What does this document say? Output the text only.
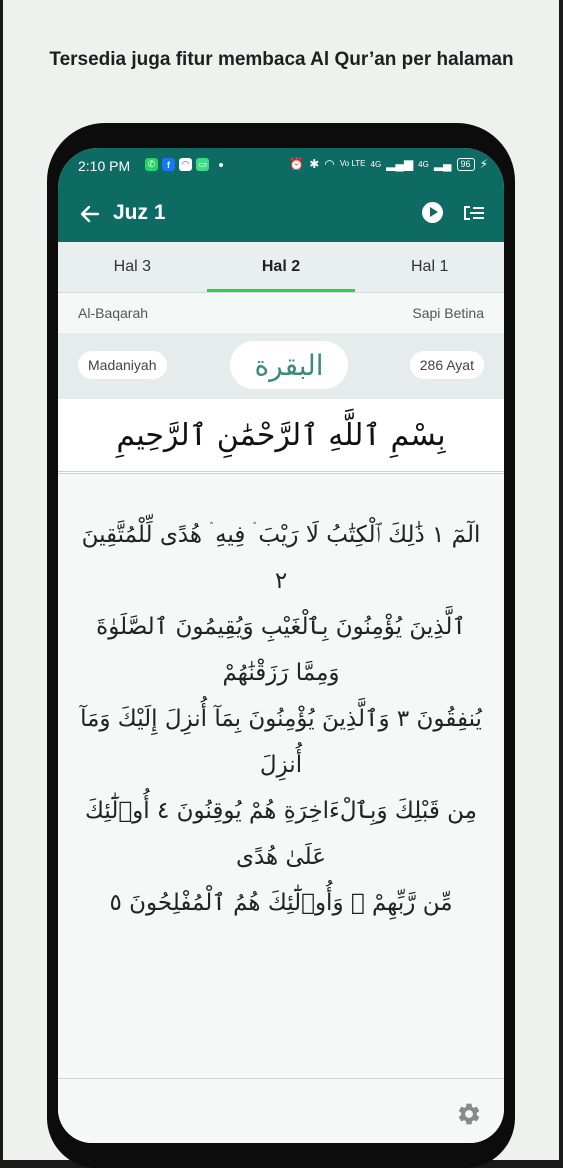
Tersedia juga fitur membaca Al Qur’an per halaman
2:10 PM	✆	f	◠	▭	⏰ ✱ ◠ Vo LTE 4G ▂▄▆ 4G ▂▄	96 ⚡
Juz 1
Hal 3	Hal 2	Hal 1
Al-Baqarah	Sapi Betina
Madaniyah	البقرة	286 Ayat
بِسْمِ ٱللَّهِ ٱلرَّحْمَٰنِ ٱلرَّحِيمِ
الٓمٓ ١ ذَٰلِكَ ٱلْكِتَٰبُ لَا رَيْبَ ۛ فِيهِ ۛ هُدًى لِّلْمُتَّقِينَ ٢
ٱلَّذِينَ يُؤْمِنُونَ بِٱلْغَيْبِ وَيُقِيمُونَ ٱلصَّلَوٰةَ وَمِمَّا رَزَقْنَٰهُمْ
يُنفِقُونَ ٣ وَٱلَّذِينَ يُؤْمِنُونَ بِمَآ أُنزِلَ إِلَيْكَ وَمَآ أُنزِلَ
مِن قَبْلِكَ وَبِٱلْءَاخِرَةِ هُمْ يُوقِنُونَ ٤ أُو۟لَٰٓئِكَ عَلَىٰ هُدًى
مِّن رَّبِّهِمْ ۖ وَأُو۟لَٰٓئِكَ هُمُ ٱلْمُفْلِحُونَ ٥
